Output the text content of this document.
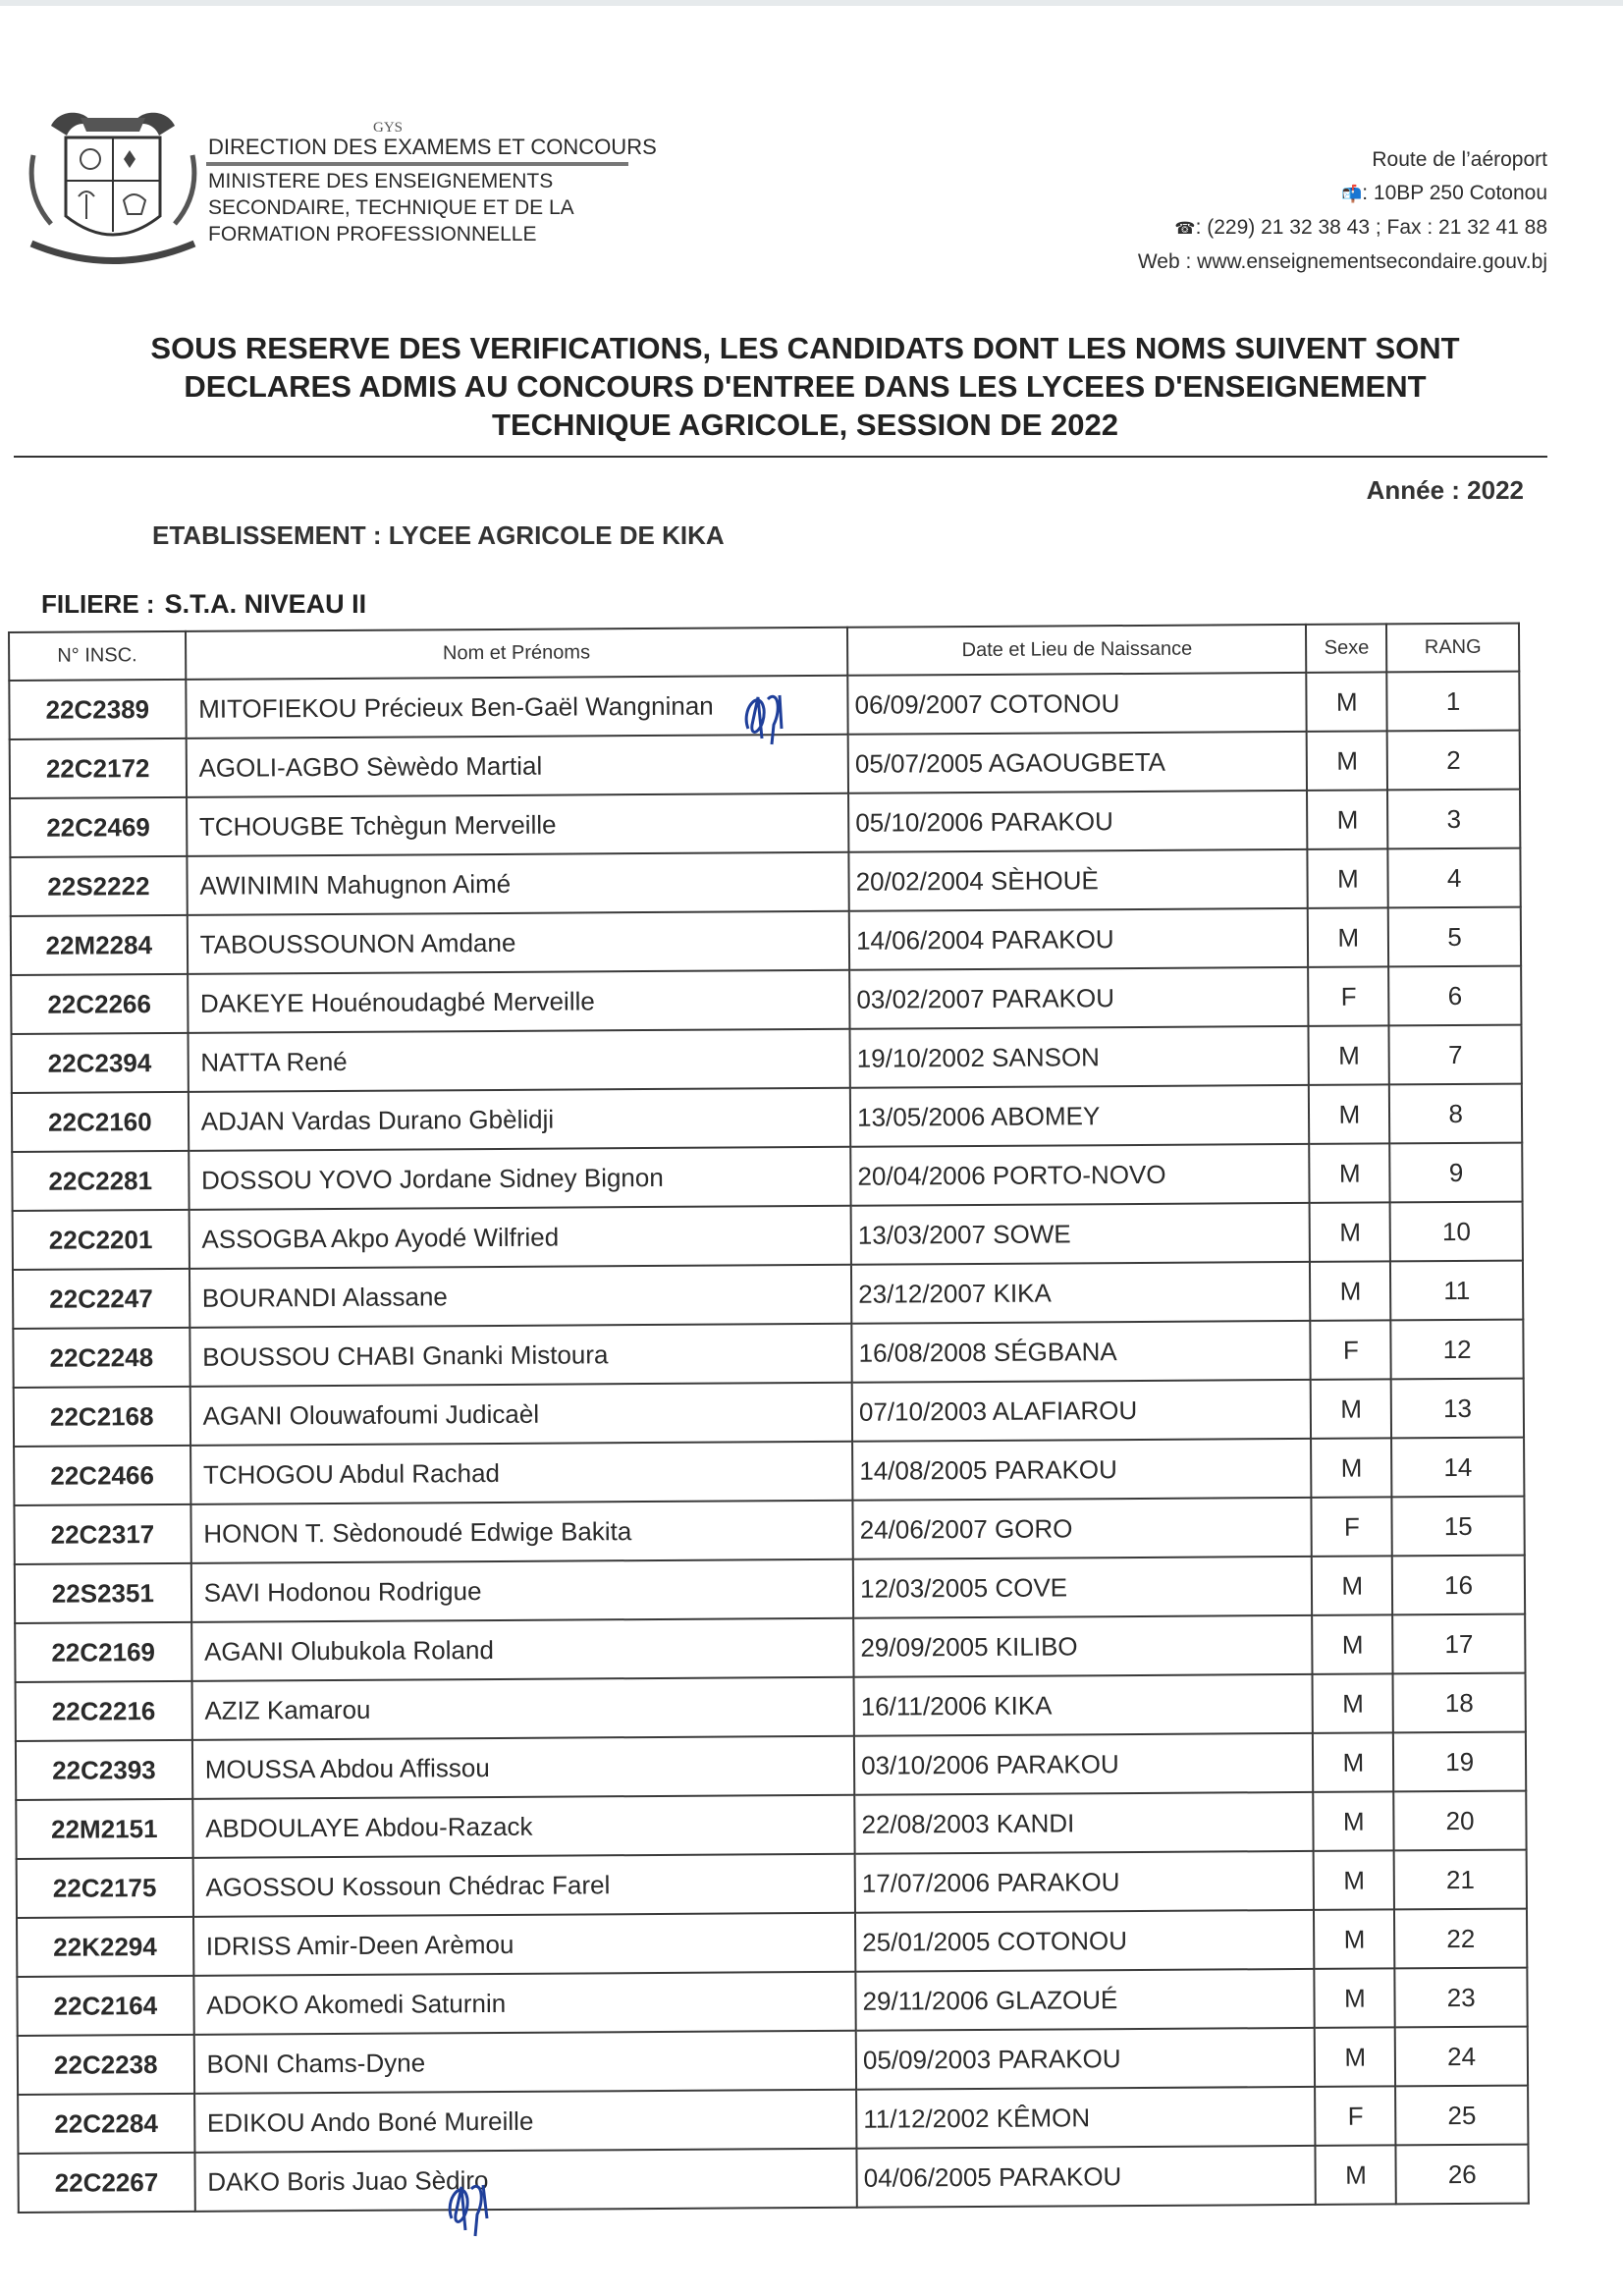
GYS
DIRECTION DES EXAMEMS ET CONCOURS
MINISTERE DES ENSEIGNEMENTS
SECONDAIRE, TECHNIQUE ET DE LA
FORMATION PROFESSIONNELLE
Route de l’aéroport
📬: 10BP 250 Cotonou
☎: (229) 21 32 38 43 ; Fax : 21 32 41 88
Web : www.enseignementsecondaire.gouv.bj
SOUS RESERVE DES VERIFICATIONS, LES CANDIDATS DONT LES NOMS SUIVENT SONT
DECLARES ADMIS AU CONCOURS D'ENTREE DANS LES LYCEES D'ENSEIGNEMENT
TECHNIQUE AGRICOLE, SESSION DE 2022
Année : 2022
ETABLISSEMENT : LYCEE AGRICOLE DE KIKA
FILIERE : S.T.A. NIVEAU II
N° INSC.	Nom et Prénoms	Date et Lieu de Naissance	Sexe	RANG
22C2389	MITOFIEKOU Précieux Ben-Gaël Wangninan	06/09/2007 COTONOU	M	1
22C2172	AGOLI-AGBO Sèwèdo Martial	05/07/2005 AGAOUGBETA	M	2
22C2469	TCHOUGBE Tchègun Merveille	05/10/2006 PARAKOU	M	3
22S2222	AWINIMIN Mahugnon Aimé	20/02/2004 SÈHOUÈ	M	4
22M2284	TABOUSSOUNON Amdane	14/06/2004 PARAKOU	M	5
22C2266	DAKEYE Houénoudagbé Merveille	03/02/2007 PARAKOU	F	6
22C2394	NATTA René	19/10/2002 SANSON	M	7
22C2160	ADJAN Vardas Durano Gbèlidji	13/05/2006 ABOMEY	M	8
22C2281	DOSSOU YOVO Jordane Sidney Bignon	20/04/2006 PORTO-NOVO	M	9
22C2201	ASSOGBA Akpo Ayodé Wilfried	13/03/2007 SOWE	M	10
22C2247	BOURANDI Alassane	23/12/2007 KIKA	M	11
22C2248	BOUSSOU CHABI Gnanki Mistoura	16/08/2008 SÉGBANA	F	12
22C2168	AGANI Olouwafoumi Judicaèl	07/10/2003 ALAFIAROU	M	13
22C2466	TCHOGOU Abdul Rachad	14/08/2005 PARAKOU	M	14
22C2317	HONON T. Sèdonoudé Edwige Bakita	24/06/2007 GORO	F	15
22S2351	SAVI Hodonou Rodrigue	12/03/2005 COVE	M	16
22C2169	AGANI Olubukola Roland	29/09/2005 KILIBO	M	17
22C2216	AZIZ Kamarou	16/11/2006 KIKA	M	18
22C2393	MOUSSA Abdou Affissou	03/10/2006 PARAKOU	M	19
22M2151	ABDOULAYE Abdou-Razack	22/08/2003 KANDI	M	20
22C2175	AGOSSOU Kossoun Chédrac Farel	17/07/2006 PARAKOU	M	21
22K2294	IDRISS Amir-Deen Arèmou	25/01/2005 COTONOU	M	22
22C2164	ADOKO Akomedi Saturnin	29/11/2006 GLAZOUÉ	M	23
22C2238	BONI Chams-Dyne	05/09/2003 PARAKOU	M	24
22C2284	EDIKOU Ando Boné Mureille	11/12/2002 KÊMON	F	25
22C2267	DAKO Boris Juao Sèdjro	04/06/2005 PARAKOU	M	26
